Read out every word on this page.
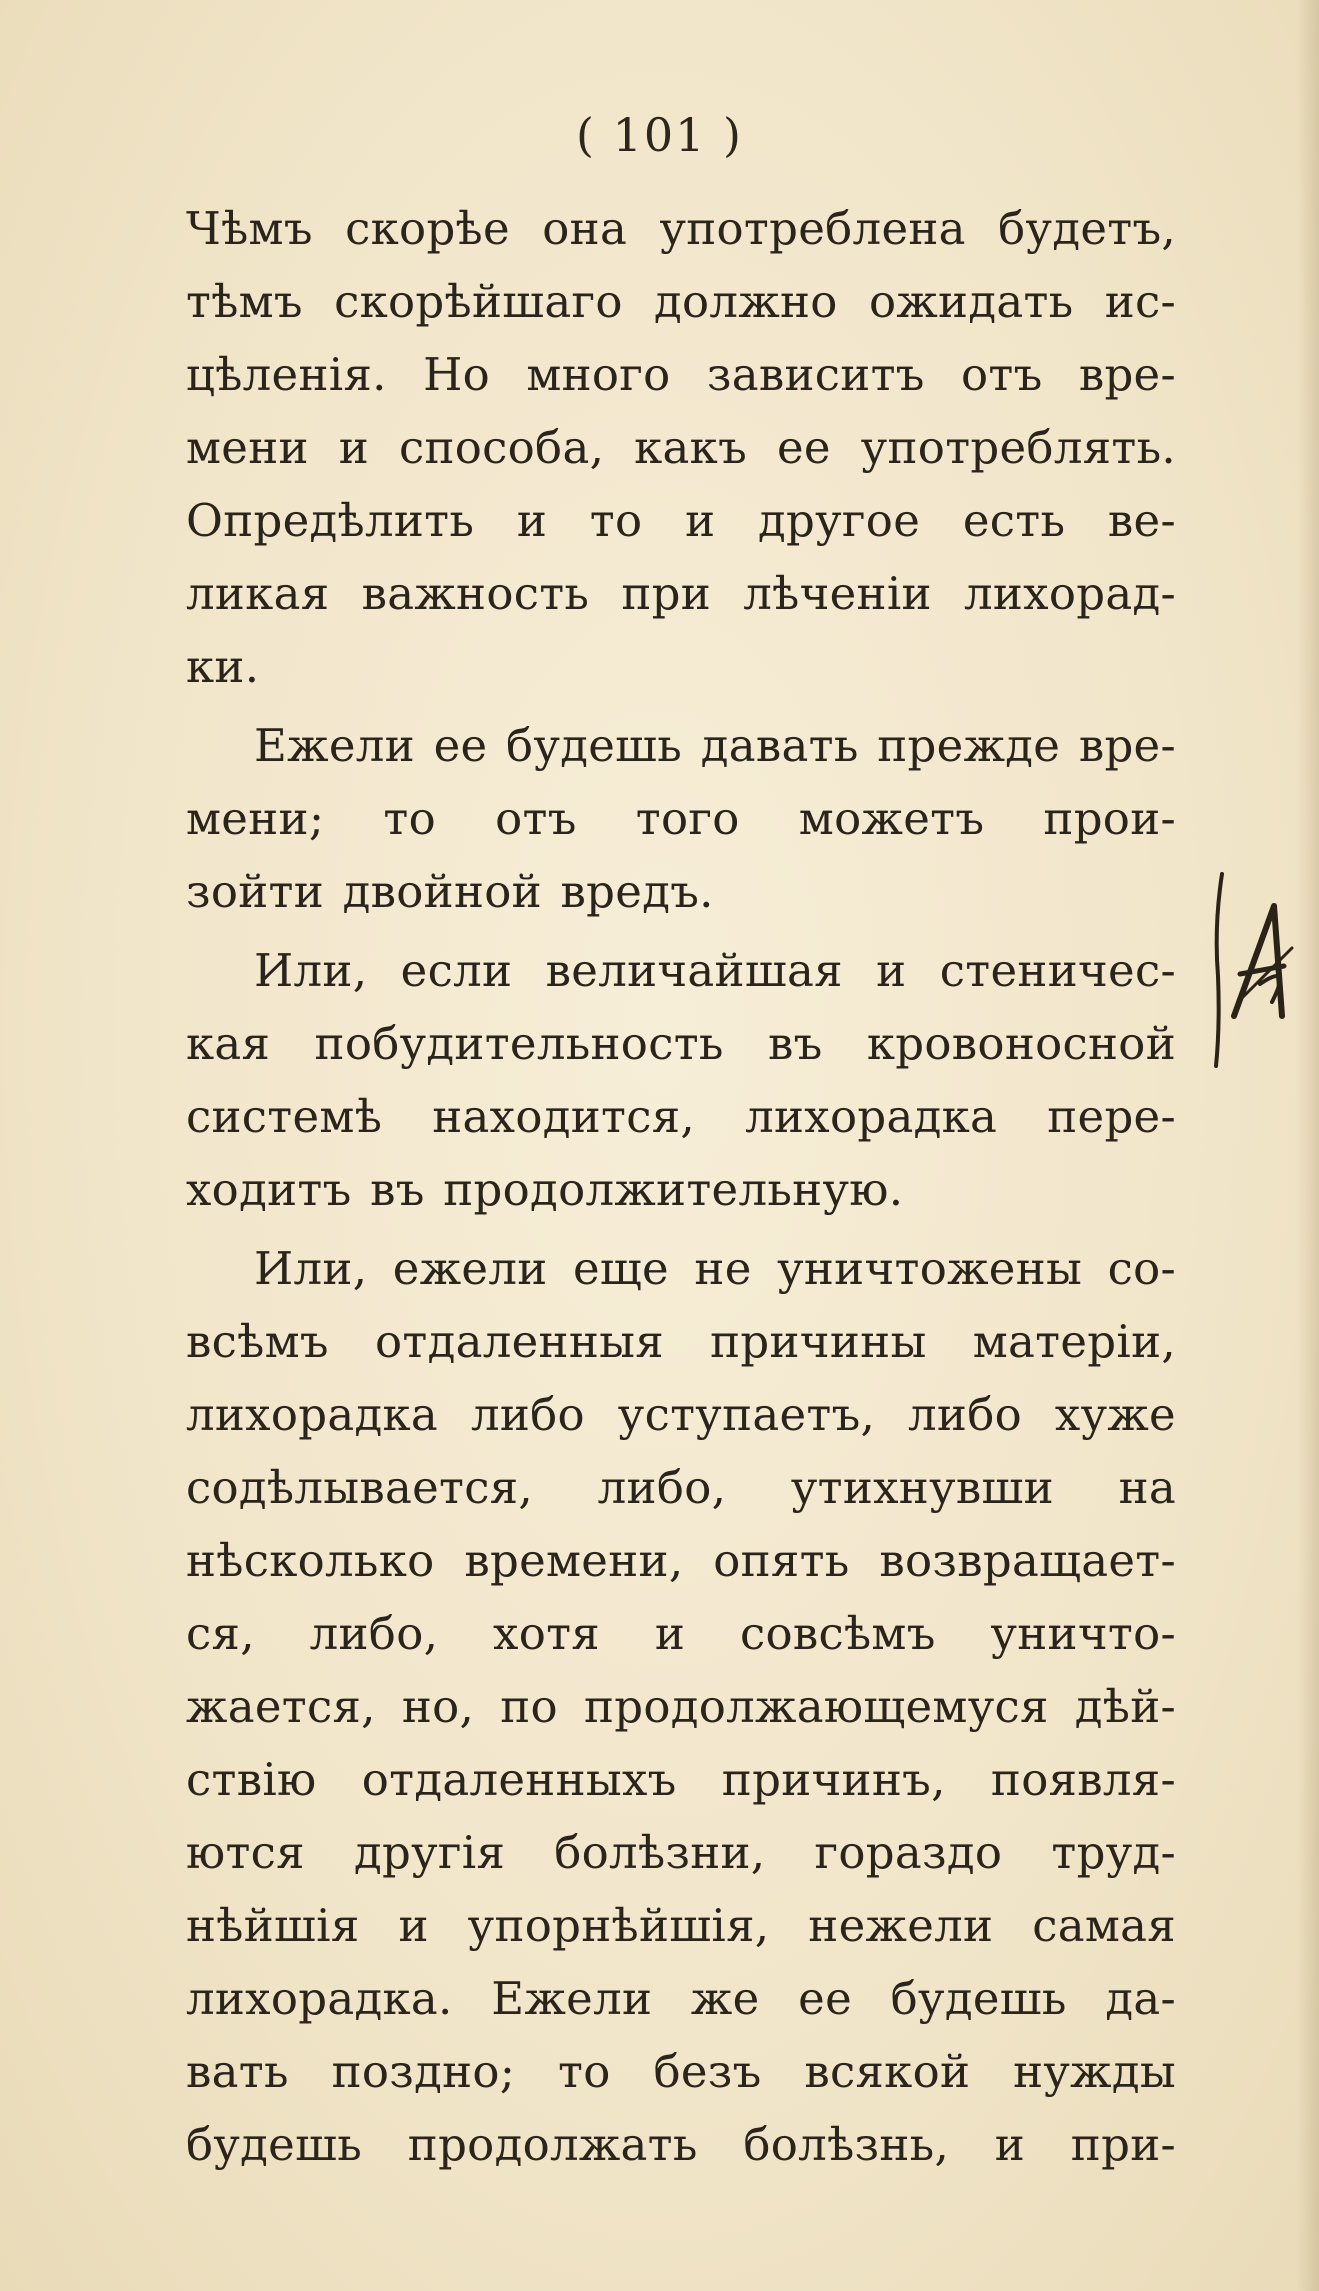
( 101 )
Чѣмъ скорѣе она употреблена будетъ,
тѣмъ скорѣйшаго должно ожидать ис-
цѣленія. Но много зависитъ отъ вре-
мени и способа, какъ ее употреблять.
Опредѣлить и то и другое есть ве-
ликая важность при лѣченіи лихорад-
ки.
Ежели ее будешь давать прежде вре-
мени; то отъ того можетъ прои-
зойти двойной вредъ.
Или, если величайшая и стеничес-
кая побудительность въ кровоносной
системѣ находится, лихорадка пере-
ходитъ въ продолжительную.
Или, ежели еще не уничтожены со-
всѣмъ отдаленныя причины матеріи,
лихорадка либо уступаетъ, либо хуже
содѣлывается, либо, утихнувши на
нѣсколько времени, опять возвращает-
ся, либо, хотя и совсѣмъ уничто-
жается, но, по продолжающемуся дѣй-
ствію отдаленныхъ причинъ, появля-
ются другія болѣзни, гораздо труд-
нѣйшія и упорнѣйшія, нежели самая
лихорадка. Ежели же ее будешь да-
вать поздно; то безъ всякой нужды
будешь продолжать болѣзнь, и при-
